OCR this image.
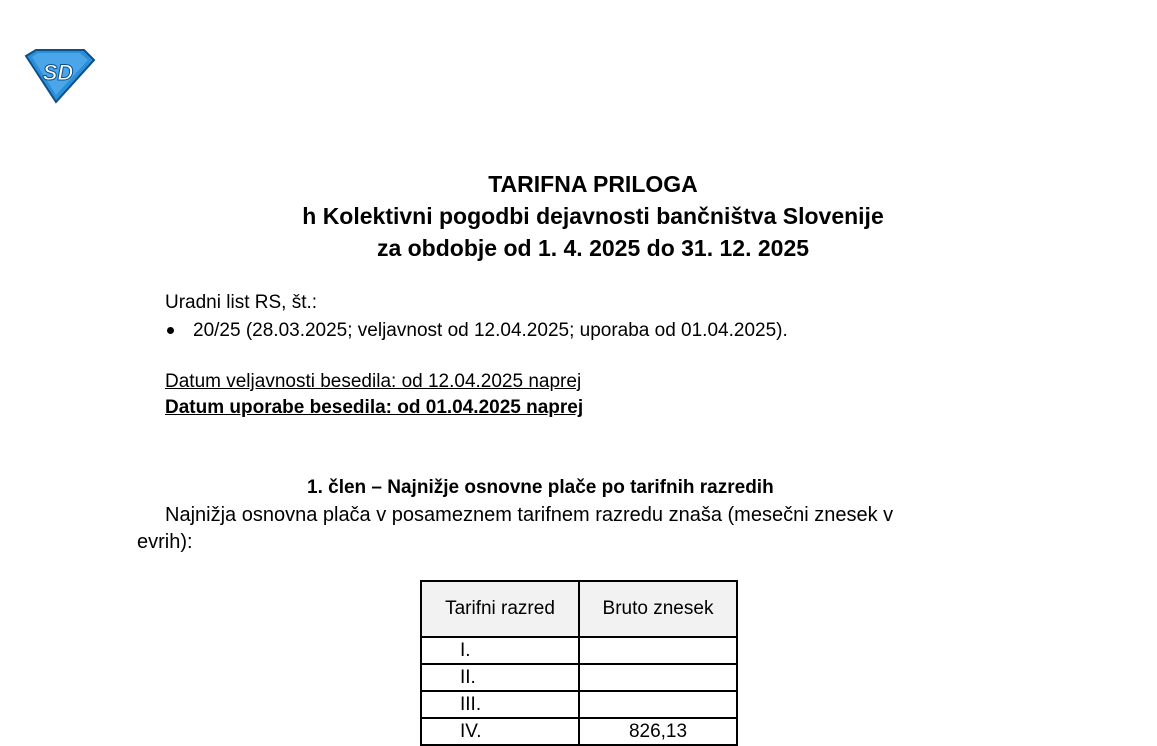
SD
TARIFNA PRILOGA
h Kolektivni pogodbi dejavnosti bančništva Slovenije
za obdobje od 1. 4. 2025 do 31. 12. 2025
Uradni list RS, št.:
20/25 (28.03.2025; veljavnost od 12.04.2025; uporaba od 01.04.2025).
Datum veljavnosti besedila: od 12.04.2025 naprej
Datum uporabe besedila: od 01.04.2025 naprej
1. člen – Najnižje osnovne plače po tarifnih razredih
Najnižja osnovna plača v posameznem tarifnem razredu znaša (mesečni znesek v
evrih):
Tarifni razred	Bruto znesek
I.	
II.	
III.	
IV.	826,13
